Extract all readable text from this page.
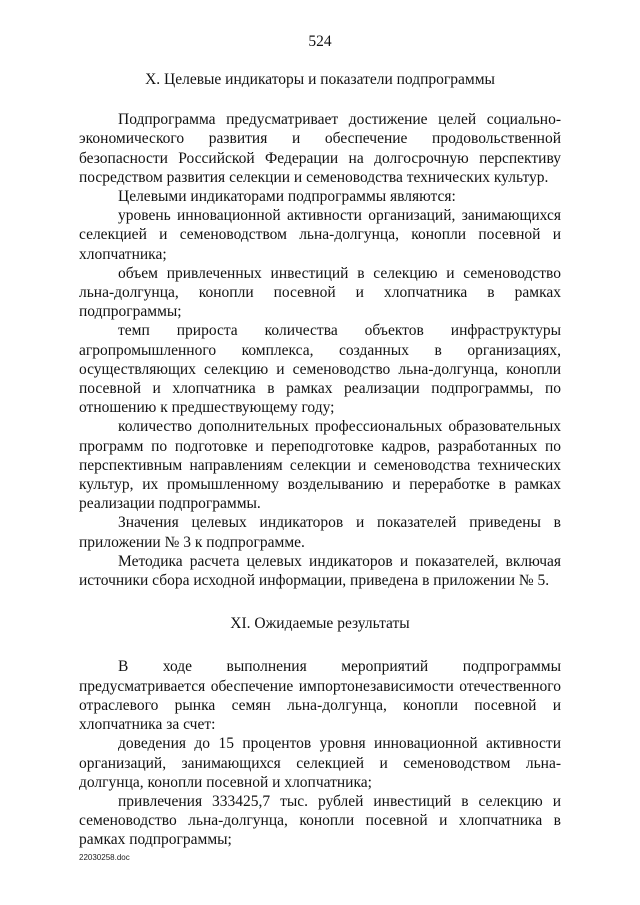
524
X. Целевые индикаторы и показатели подпрограммы

Подпрограмма предусматривает достижение целей социально-экономического развития и обеспечение продовольственной безопасности Российской Федерации на долгосрочную перспективу посредством развития селекции и семеноводства технических культур.

Целевыми индикаторами подпрограммы являются:

уровень инновационной активности организаций, занимающихся селекцией и семеноводством льна-долгунца, конопли посевной и хлопчатника;

объем привлеченных инвестиций в селекцию и семеноводство льна-долгунца, конопли посевной и хлопчатника в рамках подпрограммы;

темп прироста количества объектов инфраструктуры агропромышленного комплекса, созданных в организациях, осуществляющих селекцию и семеноводство льна-долгунца, конопли посевной и хлопчатника в рамках реализации подпрограммы, по отношению к предшествующему году;

количество дополнительных профессиональных образовательных программ по подготовке и переподготовке кадров, разработанных по перспективным направлениям селекции и семеноводства технических культур, их промышленному возделыванию и переработке в рамках реализации подпрограммы.

Значения целевых индикаторов и показателей приведены в приложении № 3 к подпрограмме.

Методика расчета целевых индикаторов и показателей, включая источники сбора исходной информации, приведена в приложении № 5.

XI. Ожидаемые результаты

В ходе выполнения мероприятий подпрограммы предусматривается обеспечение импортонезависимости отечественного отраслевого рынка семян льна-долгунца, конопли посевной и хлопчатника за счет:

доведения до 15 процентов уровня инновационной активности организаций, занимающихся селекцией и семеноводством льна-долгунца, конопли посевной и хлопчатника;

привлечения 333425,7 тыс. рублей инвестиций в селекцию и семеноводство льна-долгунца, конопли посевной и хлопчатника в рамках подпрограммы;

22030258.doc
